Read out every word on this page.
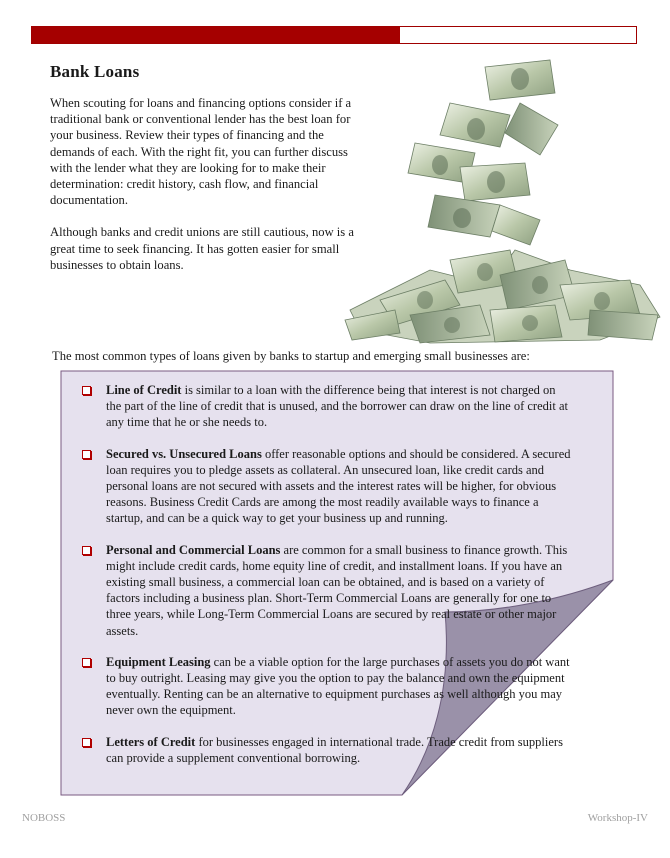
Bank Loans

When scouting for loans and financing options consider if a traditional bank or conventional lender has the best loan for your business. Review their types of financing and the demands of each. With the right fit, you can further discuss with the lender what they are looking for to make their determination: credit history, cash flow, and financial documentation.

Although banks and credit unions are still cautious, now is a great time to seek financing. It has gotten easier for small businesses to obtain loans.

The most common types of loans given by banks to startup and emerging small businesses are:
Line of Credit is similar to a loan with the difference being that interest is not charged on the part of the line of credit that is unused, and the borrower can draw on the line of credit at any time that he or she needs to.
Secured vs. Unsecured Loans offer reasonable options and should be considered. A secured loan requires you to pledge assets as collateral. An unsecured loan, like credit cards and personal loans are not secured with assets and the interest rates will be higher, for obvious reasons. Business Credit Cards are among the most readily available ways to finance a startup, and can be a quick way to get your business up and running.
Personal and Commercial Loans are common for a small business to finance growth. This might include credit cards, home equity line of credit, and installment loans. If you have an existing small business, a commercial loan can be obtained, and is based on a variety of factors including a business plan. Short-Term Commercial Loans are generally for one to three years, while Long-Term Commercial Loans are secured by real estate or other major assets.
Equipment Leasing can be a viable option for the large purchases of assets you do not want to buy outright. Leasing may give you the option to pay the balance and own the equipment eventually. Renting can be an alternative to equipment purchases as well although you may never own the equipment.
Letters of Credit for businesses engaged in international trade. Trade credit from suppliers can provide a supplement conventional borrowing.
NOBOSS	Workshop-IV
